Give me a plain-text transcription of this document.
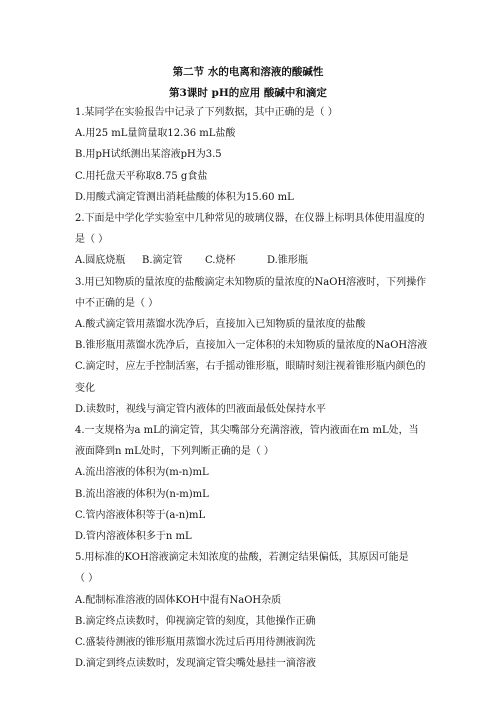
第二节 水的电离和溶液的酸碱性
第3课时 pH的应用 酸碱中和滴定
1.某同学在实验报告中记录了下列数据，其中正确的是（ ）
A.用25 mL量筒量取12.36 mL盐酸
B.用pH试纸测出某溶液pH为3.5
C.用托盘天平称取8.75 g食盐
D.用酸式滴定管测出消耗盐酸的体积为15.60 mL
2.下面是中学化学实验室中几种常见的玻璃仪器，在仪器上标明具体使用温度的
是（ ）
A.圆底烧瓶 B.滴定管 C.烧杯	D.锥形瓶
3.用已知物质的量浓度的盐酸滴定未知物质的量浓度的NaOH溶液时，下列操作
中不正确的是（ ）
A.酸式滴定管用蒸馏水洗净后，直接加入已知物质的量浓度的盐酸
B.锥形瓶用蒸馏水洗净后，直接加入一定体积的未知物质的量浓度的NaOH溶液
C.滴定时，应左手控制活塞，右手摇动锥形瓶，眼睛时刻注视着锥形瓶内颜色的
变化
D.读数时，视线与滴定管内液体的凹液面最低处保持水平
4.一支规格为a mL的滴定管，其尖嘴部分充满溶液，管内液面在m mL处，当
液面降到n mL处时，下列判断正确的是（ ）
A.流出溶液的体积为(m-n)mL
B.流出溶液的体积为(n-m)mL
C.管内溶液体积等于(a-n)mL
D.管内溶液体积多于n mL
5.用标准的KOH溶液滴定未知浓度的盐酸，若测定结果偏低，其原因可能是
（ ）
A.配制标准溶液的固体KOH中混有NaOH杂质
B.滴定终点读数时，仰视滴定管的刻度，其他操作正确
C.盛装待测液的锥形瓶用蒸馏水洗过后再用待测液润洗
D.滴定到终点读数时，发现滴定管尖嘴处悬挂一滴溶液
